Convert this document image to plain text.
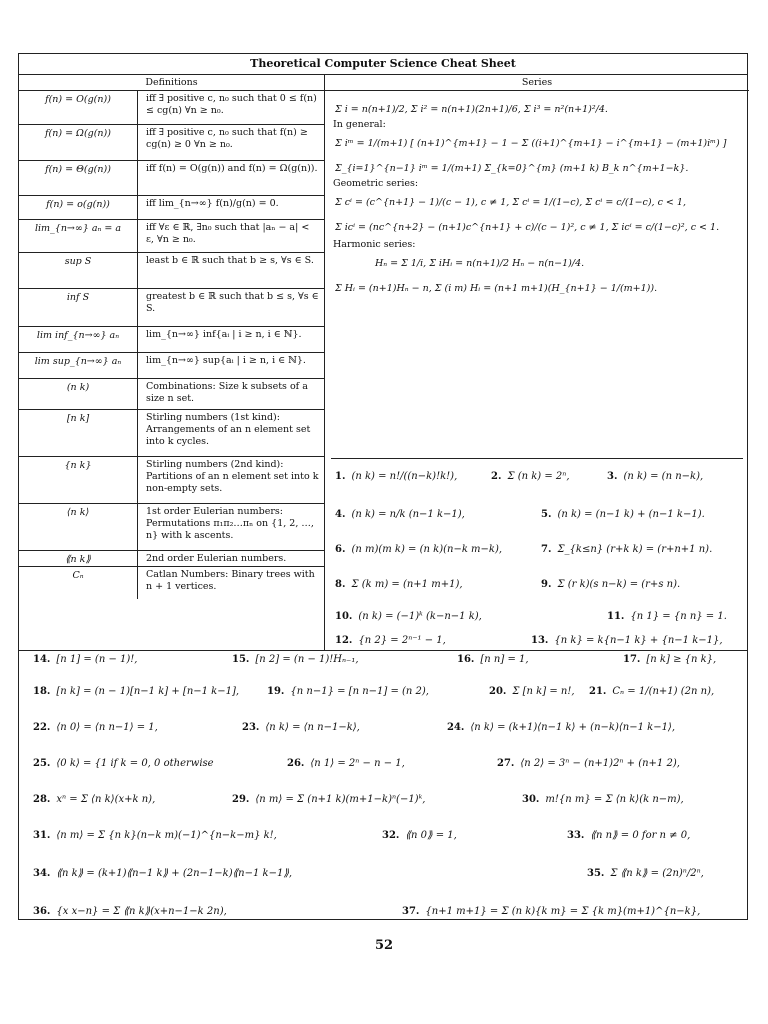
Theoretical Computer Science Cheat Sheet
Definitions	Series
f(n) = O(g(n))	iff ∃ positive c, n₀ such that 0 ≤ f(n) ≤ cg(n) ∀n ≥ n₀.
f(n) = Ω(g(n))	iff ∃ positive c, n₀ such that f(n) ≥ cg(n) ≥ 0 ∀n ≥ n₀.
f(n) = Θ(g(n))	iff f(n) = O(g(n)) and f(n) = Ω(g(n)).
f(n) = o(g(n))	iff lim_{n→∞} f(n)/g(n) = 0.
lim_{n→∞} aₙ = a	iff ∀ε ∈ ℝ, ∃n₀ such that |aₙ − a| < ε, ∀n ≥ n₀.
sup S	least b ∈ ℝ such that b ≥ s, ∀s ∈ S.
inf S	greatest b ∈ ℝ such that b ≤ s, ∀s ∈ S.
lim inf_{n→∞} aₙ	lim_{n→∞} inf{aᵢ | i ≥ n, i ∈ ℕ}.
lim sup_{n→∞} aₙ	lim_{n→∞} sup{aᵢ | i ≥ n, i ∈ ℕ}.
(n k)	Combinations: Size k subsets of a size n set.
[n k]	Stirling numbers (1st kind): Arrangements of an n element set into k cycles.
{n k}	Stirling numbers (2nd kind): Partitions of an n element set into k non-empty sets.
⟨n k⟩	1st order Eulerian numbers: Permutations π₁π₂…πₙ on {1, 2, …, n} with k ascents.
⟪n k⟫	2nd order Eulerian numbers.
Cₙ	Catlan Numbers: Binary trees with n + 1 vertices.
Σ i = n(n+1)/2, Σ i² = n(n+1)(2n+1)/6, Σ i³ = n²(n+1)²/4.
In general:
Σ iᵐ = 1/(m+1) [ (n+1)^{m+1} − 1 − Σ ((i+1)^{m+1} − i^{m+1} − (m+1)iᵐ) ]
Σ_{i=1}^{n−1} iᵐ = 1/(m+1) Σ_{k=0}^{m} (m+1 k) B_k n^{m+1−k}.
Geometric series:
Σ cⁱ = (c^{n+1} − 1)/(c − 1), c ≠ 1, Σ cⁱ = 1/(1−c), Σ cⁱ = c/(1−c), c < 1,
Σ icⁱ = (nc^{n+2} − (n+1)c^{n+1} + c)/(c − 1)², c ≠ 1, Σ icⁱ = c/(1−c)², c < 1.
Harmonic series:
Hₙ = Σ 1/i, Σ iHᵢ = n(n+1)/2 Hₙ − n(n−1)/4.
Σ Hᵢ = (n+1)Hₙ − n, Σ (i m) Hᵢ = (n+1 m+1)(H_{n+1} − 1/(m+1)).
1. (n k) = n!/((n−k)!k!),	2. Σ (n k) = 2ⁿ,	3. (n k) = (n n−k),
4. (n k) = n/k (n−1 k−1),	5. (n k) = (n−1 k) + (n−1 k−1).
6. (n m)(m k) = (n k)(n−k m−k),	7. Σ_{k≤n} (r+k k) = (r+n+1 n).
8. Σ (k m) = (n+1 m+1),	9. Σ (r k)(s n−k) = (r+s n).
10. (n k) = (−1)ᵏ (k−n−1 k),	11. {n 1} = {n n} = 1.
12. {n 2} = 2ⁿ⁻¹ − 1,	13. {n k} = k{n−1 k} + {n−1 k−1},
14. [n 1] = (n − 1)!,	15. [n 2] = (n − 1)!Hₙ₋₁,	16. [n n] = 1,	17. [n k] ≥ {n k},
18. [n k] = (n − 1)[n−1 k] + [n−1 k−1],	19. {n n−1} = [n n−1] = (n 2),	20. Σ [n k] = n!, 21. Cₙ = 1/(n+1) (2n n),
22. ⟨n 0⟩ = ⟨n n−1⟩ = 1,	23. ⟨n k⟩ = ⟨n n−1−k⟩,	24. ⟨n k⟩ = (k+1)⟨n−1 k⟩ + (n−k)⟨n−1 k−1⟩,
25. ⟨0 k⟩ = {1 if k = 0, 0 otherwise	26. ⟨n 1⟩ = 2ⁿ − n − 1,	27. ⟨n 2⟩ = 3ⁿ − (n+1)2ⁿ + (n+1 2),
28. xⁿ = Σ ⟨n k⟩(x+k n),	29. ⟨n m⟩ = Σ (n+1 k)(m+1−k)ⁿ(−1)ᵏ,	30. m!{n m} = Σ ⟨n k⟩(k n−m),
31. ⟨n m⟩ = Σ {n k}(n−k m)(−1)^{n−k−m} k!,	32. ⟪n 0⟫ = 1,	33. ⟪n n⟫ = 0 for n ≠ 0,
34. ⟪n k⟫ = (k+1)⟪n−1 k⟫ + (2n−1−k)⟪n−1 k−1⟫,	35. Σ ⟪n k⟫ = (2n)ⁿ/2ⁿ,
36. {x x−n} = Σ ⟪n k⟫(x+n−1−k 2n),	37. {n+1 m+1} = Σ (n k){k m} = Σ {k m}(m+1)^{n−k},
52
